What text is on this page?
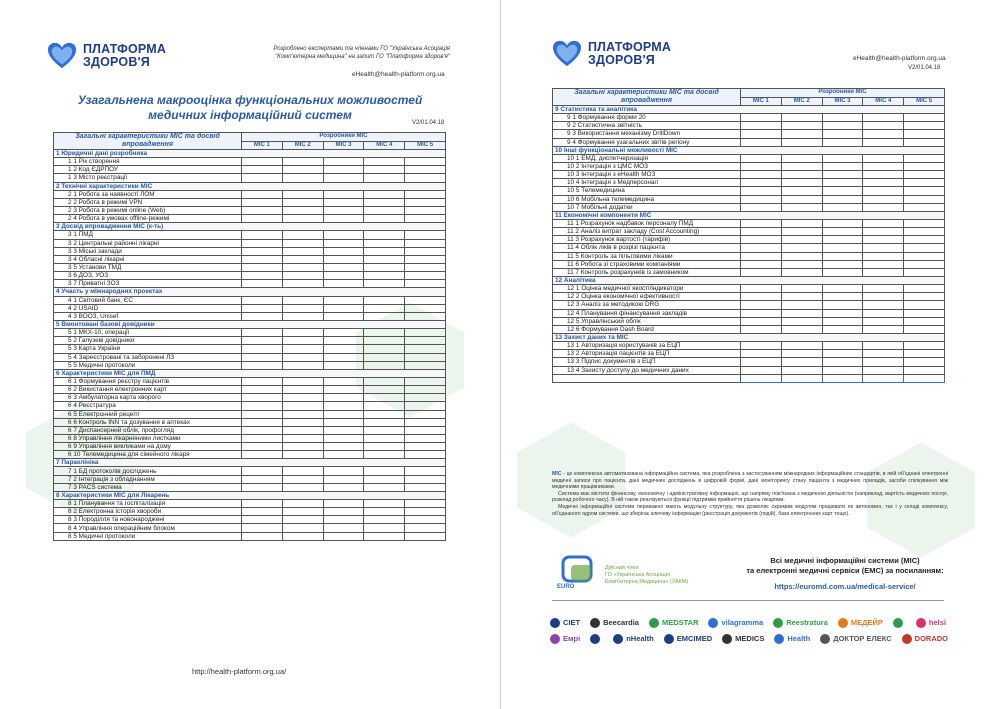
ПЛАТФОРМА
ЗДОРОВ'Я
Розроблено експертами та членами ГО "Українська Асоціація
"Комп'ютерна медицина" на запит ГО "Платформа здоров'я"
eHealth@health-platform.org.ua
Узагальнена макрооцінка функціональних можливостей
медичних інформаційний систем
V2/01.04.18
Загальні характеристики МІС та досвід впровадження	Розробники МІС				
	МІС 1	МІС 2	МІС 3	МІС 4	МІС 5
1 Юридичні дані розробника					
1 1 Рік створення					
1 2 Код ЄДРПОУ					
1 3 Місто реєстрації					
2 Технічні характеристики МІС					
2 1 Робота за наявності ЛОМ					
2 2 Робота в режимі VPN					
2 3 Робота в режимі online (Web)					
2 4 Робота в умовах offline-режимі					
3 Досвід впровадження МІС (к-ть)					
3 1 ПМД					
3 2 Центральні районні лікарні					
3 3 Міські заклади					
3 4 Обласні лікарні					
3 5 Установи ТМД					
3 6 ДОЗ, УОЗ					
3 7 Приватні ЗОЗ					
4 Участь у міжнародних проектах					
4 1 Світовий банк, ЄС					
4 2 USAID					
4 3 ВООЗ, Unisef					
5 Вмонтовані базові довідники					
5 1 МКХ-10, операції					
5 2 Галузеві довідники					
5 3 Карта України					
5 4 Зареєстровані та заборонені ЛЗ					
5 5 Медичні протоколи					
6 Характеристики МІС для ПМД					
6 1 Формування реєстру пацієнтів					
6 2 Викистання електронних карт					
6 3 Амбулаторна карта хворого					
6 4 Реєстратура					
6 5 Електронний рецепт					
6 6 Контроль INN та дозування в аптеках					
6 7 Диспансерний облік, профогляд					
6 8 Управління лікарняними листками					
6 9 Управління викликами на дому					
6 10 Телемедицина для сімейного лікаря					
7 Параклініка					
7 1 БД протоколів досліджень					
7 2 Інтеграція з обладнанням					
7 3 PACS система					
8 Характеристики МІС для Лікарень					
8 1 Планування та госпіталізація					
8 2 Електронна історія хвороби					
8 3 Породілля та новонароджені					
8 4 Управління операційним блоком					
8 5 Медичні протоколи					
http://health-platform.org.ua/
ПЛАТФОРМА
ЗДОРОВ'Я	eHealth@health-platform.org.ua
V2/01.04.18
Загальні характеристики МІС та досвід впровадження	Розробники МІС				
	МІС 1	МІС 2	МІС 3	МІС 4	МІС 5
9 Статистика та аналітика					
9 1 Формування форми 20					
9 2 Статистична звітність					
9 3 Використання механізму DrillDown					
9 4 Формування узагальних звітів регіону					
10 Інші функціональні можливості МІС					
10 1 ЕМД, диспетчеризація					
10 2 Інтеграція з ЦМС МОЗ					
10 3 Інтеграція з eHealth МОЗ					
10 4 Інтеграція з Медперсонал					
10 5 Телемедицина					
10 6 Мобільна телемедицина					
10 7 Мобільні додатки					
11 Економічні компоненти МІС					
11 1 Розрахунок надбавок персоналу ПМД					
11 2 Аналіз витрат закладу (Cost Accounting)					
11 3 Розрахунок вартості (тарифів)					
11 4 Облік ліків в розрізі пацієнта					
11 5 Контроль за пільговими ліками					
11 6 Робота зі страховими компаніями					
11 7 Контроль розрахунків із замовником					
12 Аналітика					
12 1 Оцінка медичної якості/індикатори					
12 2 Оцінка економічної ефективності					
12 3 Аналіз за методикою DRG					
12 4 Планування фінансування закладів					
12 5 Управлінський облік					
12 6 Формування Dash Board					
13 Захист даних та МІС					
13 1 Авторизація користувачів за ЕЦП					
13 2 Авторизація пацієнтів за ЕЦП					
13 3 Підпис документів з ЕЦП					
13 4 Захисту доступу до медичних даних					

МІС - це комплексна автоматизована інформаційна система, яка розроблена з застосуванням міжнародних інформаційних стандартів, в якій об'єднані електронні медичні записи про пацієнта, дані медичних досліджень в цифровій формі, дані моніторингу стану пацієнта з медичних приладів, засоби спілкування між медичними працівниками.
Система має містити фінансову, економічну і адміністративну інформацію, що напряму пов'язана з медичною діяльністю (наприклад, вартість медичних послуг, розклад робочого часу). В ній також реалізуються функції підтримки прийняття рішень лікарями.
Медичні інформаційні системи переважно мають модульну структуру, яка дозволяє окремим модулям працювати як автономно, так і у складі комплексу, об'єднаного ядром системи, що зберігає ключову інформацію (реєстрація документів (подій), база електронних карт тощо).
Дійсний член
ГО «Українська Асоціація
Комп'ютерна Медицина» (УАКМ)
EURO
Всі медичні інформаційні системи (МІС)
та електронні медичні сервіси (ЕМС) за посиланням:
https://euromd.com.ua/medical-service/
СІЕТ	Beecardia	MEDSTAR	vilagramma	Reestratura	МЕДЕЙР	helsi
Емрі	nHealth	EMCIMED	MEDICS	Health	ДОКТОР ЕЛЕКС	DORADO
